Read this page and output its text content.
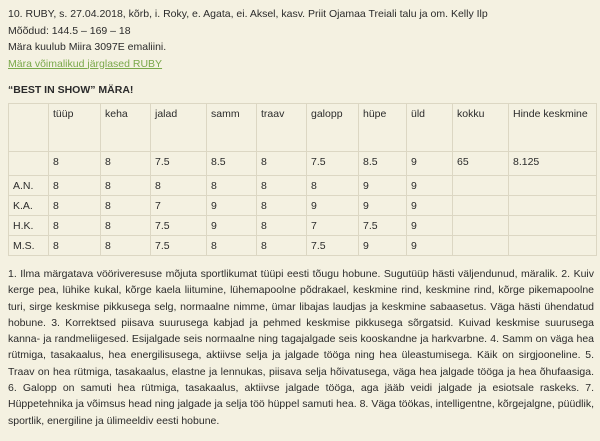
10. RUBY, s. 27.04.2018, kõrb, i. Roky, e. Agata, ei. Aksel, kasv. Priit Ojamaa Treiali talu ja om. Kelly Ilp
Mõõdud: 144.5 – 169 – 18
Mära kuulub Miira 3097E emaliini.
Mära võimalikud järglased RUBY
“BEST IN SHOW” MÄRA!
	tüüp	keha	jalad	samm	traav	galopp	hüpe	üld	kokku	Hinde keskmine
	8	8	7.5	8.5	8	7.5	8.5	9	65	8.125
A.N.	8	8	8	8	8	8	9	9		
K.A.	8	8	7	9	8	9	9	9		
H.K.	8	8	7.5	9	8	7	7.5	9		
M.S.	8	8	7.5	8	8	7.5	9	9		
1. Ilma märgatava vööriveresuse mõjuta sportlikumat tüüpi eesti tõugu hobune. Sugutüüp hästi väljendunud, märalik. 2. Kuiv kerge pea, lühike kukal, kõrge kaela liitumine, lühemapoolne põdrakael, keskmine rind, keskmine rind, kõrge pikemapoolne turi, sirge keskmise pikkusega selg, normaalne nimme, ümar libajas laudjas ja keskmine sabaasetus. Väga hästi ühendatud hobune. 3. Korrektsed piisava suurusega kabjad ja pehmed keskmise pikkusega sõrgatsid. Kuivad keskmise suurusega kanna- ja randmeliigesed. Esijalgade seis normaalne ning tagajalgade seis kooskandne ja harkvarbne. 4. Samm on väga hea rütmiga, tasakaalus, hea energilisusega, aktiivse selja ja jalgade tööga ning hea üleastumisega. Käik on sirgjooneline. 5. Traav on hea rütmiga, tasakaalus, elastne ja lennukas, piisava selja hõivatusega, väga hea jalgade tööga ja hea õhufaasiga. 6. Galopp on samuti hea rütmiga, tasakaalus, aktiivse jalgade tööga, aga jääb veidi jalgade ja esiotsale raskeks. 7. Hüppetehnika ja võimsus head ning jalgade ja selja töö hüppel samuti hea. 8. Väga töökas, intelligentne, kõrgejalgne, püüdlik, sportlik, energiline ja ülimeeldiv eesti hobune.
